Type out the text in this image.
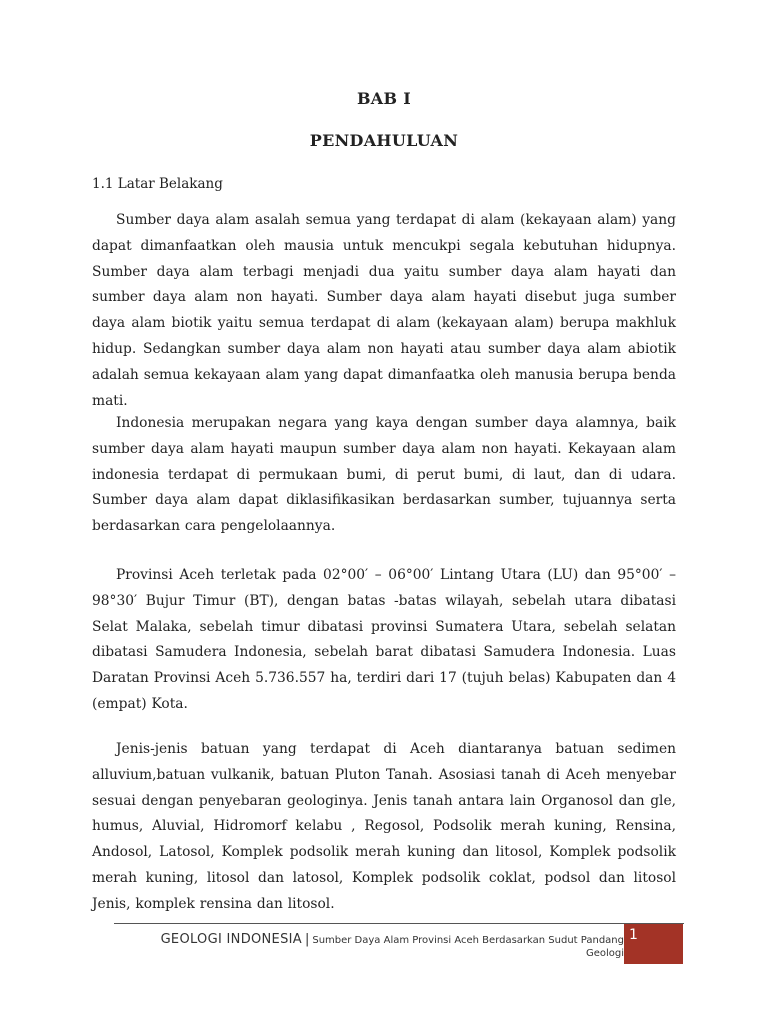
BAB I
PENDAHULUAN
1.1 Latar Belakang

Sumber daya alam asalah semua yang terdapat di alam (kekayaan alam) yang dapat dimanfaatkan oleh mausia untuk mencukpi segala kebutuhan hidupnya. Sumber daya alam terbagi menjadi dua yaitu sumber daya alam hayati dan sumber daya alam non hayati. Sumber daya alam hayati disebut juga sumber daya alam biotik yaitu semua terdapat di alam (kekayaan alam) berupa makhluk hidup. Sedangkan sumber daya alam non hayati atau sumber daya alam abiotik adalah semua kekayaan alam yang dapat dimanfaatka oleh manusia berupa benda mati.

Indonesia merupakan negara yang kaya dengan sumber daya alamnya, baik sumber daya alam hayati maupun sumber daya alam non hayati. Kekayaan alam indonesia terdapat di permukaan bumi, di perut bumi, di laut, dan di udara. Sumber daya alam dapat diklasifikasikan berdasarkan sumber, tujuannya serta berdasarkan cara pengelolaannya.

Provinsi Aceh terletak pada 02°00′ – 06°00′ Lintang Utara (LU) dan 95°00′ – 98°30′ Bujur Timur (BT), dengan batas -batas wilayah, sebelah utara dibatasi Selat Malaka, sebelah timur dibatasi provinsi Sumatera Utara, sebelah selatan dibatasi Samudera Indonesia, sebelah barat dibatasi Samudera Indonesia. Luas Daratan Provinsi Aceh 5.736.557 ha, terdiri dari 17 (tujuh belas) Kabupaten dan 4 (empat) Kota.

Jenis-jenis batuan yang terdapat di Aceh diantaranya batuan sedimen alluvium,batuan vulkanik, batuan Pluton Tanah. Asosiasi tanah di Aceh menyebar sesuai dengan penyebaran geologinya. Jenis tanah antara lain Organosol dan gle, humus, Aluvial, Hidromorf kelabu , Regosol, Podsolik merah kuning, Rensina, Andosol, Latosol, Komplek podsolik merah kuning dan litosol, Komplek podsolik merah kuning, litosol dan latosol, Komplek podsolik coklat, podsol dan litosol Jenis, komplek rensina dan litosol.

GEOLOGI INDONESIA | Sumber Daya Alam Provinsi Aceh Berdasarkan Sudut Pandang
Geologi
1
